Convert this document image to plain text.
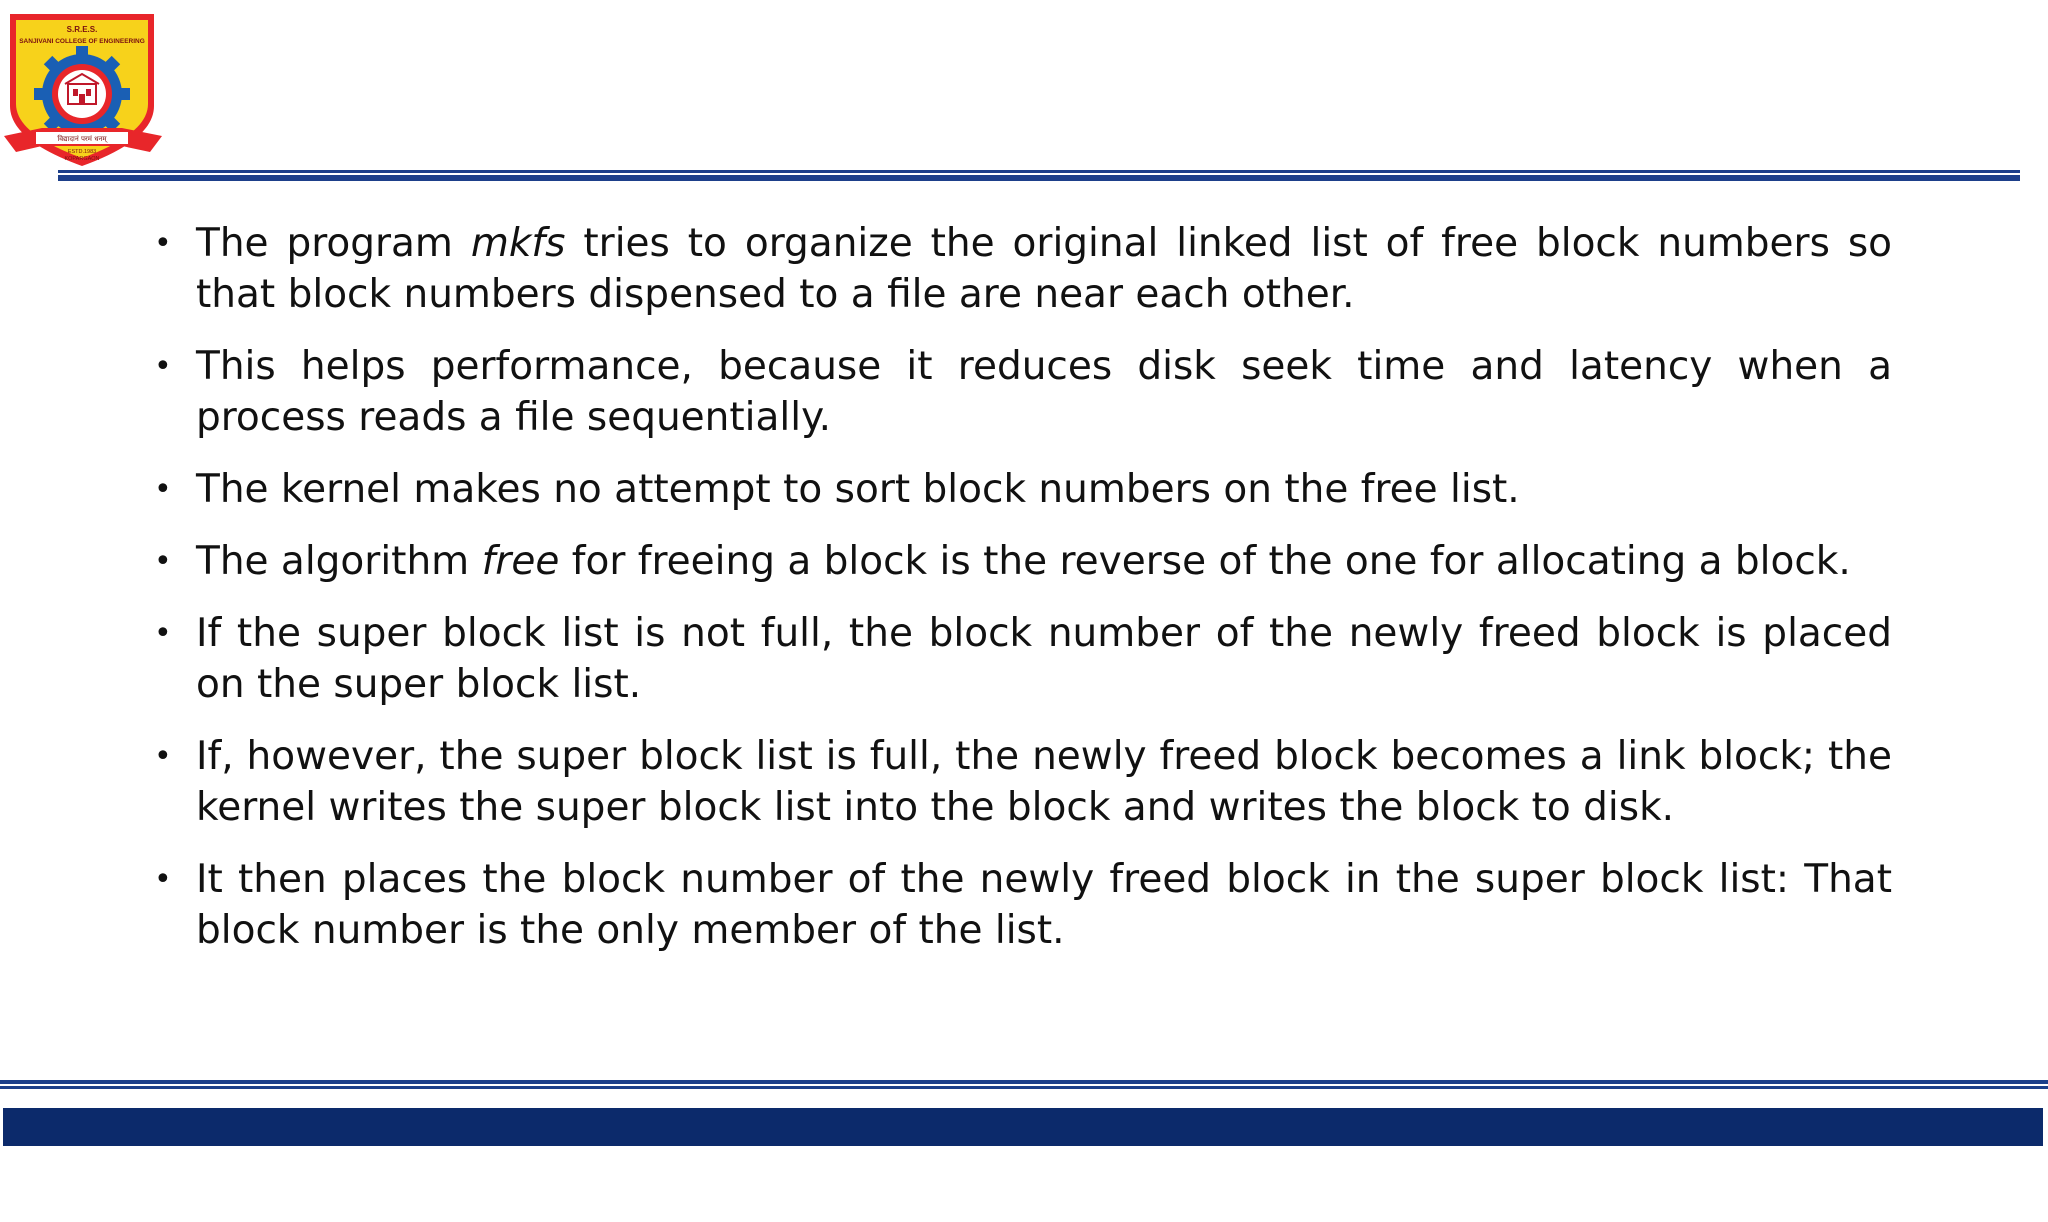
S.R.E.S.
SANJIVANI COLLEGE OF ENGINEERING
विद्यादानं परमं धनम्
ESTD.1983
KOPARGAON
• The program mkfs tries to organize the original linked list of free block numbers so that block numbers dispensed to a file are near each other.
• This helps performance, because it reduces disk seek time and latency when a process reads a file sequentially.
• The kernel makes no attempt to sort block numbers on the free list.
• The algorithm free for freeing a block is the reverse of the one for allocating a block.
• If the super block list is not full, the block number of the newly freed block is placed on the super block list.
• If, however, the super block list is full, the newly freed block becomes a link block; the kernel writes the super block list into the block and writes the block to disk.
• It then places the block number of the newly freed block in the super block list: That block number is the only member of the list.

DEPARTMENT OF COMPUTER ENGINEERING,  Sanjivani COE, Kopargaon
